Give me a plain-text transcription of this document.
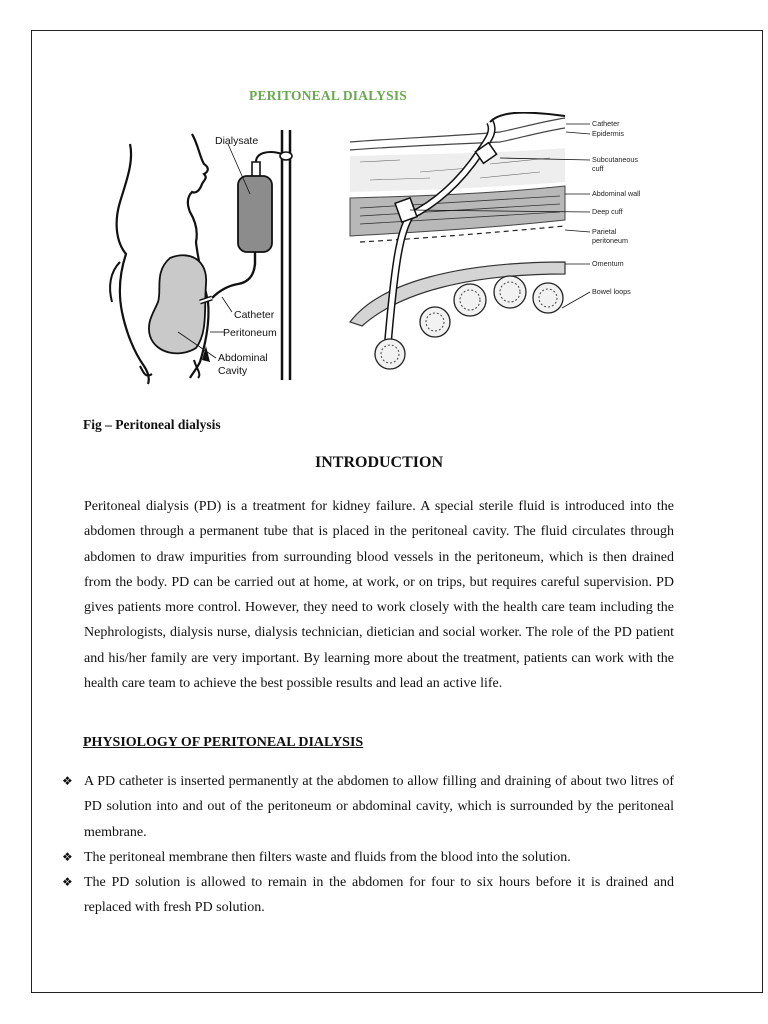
PERITONEAL DIALYSIS
Dialysate
Catheter
Peritoneum
Abdominal
Cavity
Catheter
Epidermis
Subcutaneous
cuff
Abdominal wall
Deep cuff
Parietal
peritoneum
Omentum
Bowel loops
Fig – Peritoneal dialysis
INTRODUCTION
Peritoneal dialysis (PD) is a treatment for kidney failure. A special sterile fluid is introduced into the abdomen through a permanent tube that is placed in the peritoneal cavity. The fluid circulates through abdomen to draw impurities from surrounding blood vessels in the peritoneum, which is then drained from the body. PD can be carried out at home, at work, or on trips, but requires careful supervision. PD gives patients more control. However, they need to work closely with the health care team including the Nephrologists, dialysis nurse, dialysis technician, dietician and social worker. The role of the PD patient and his/her family are very important. By learning more about the treatment, patients can work with the health care team to achieve the best possible results and lead an active life.
PHYSIOLOGY OF PERITONEAL DIALYSIS
❖ A PD catheter is inserted permanently at the abdomen to allow filling and draining of about two litres of PD solution into and out of the peritoneum or abdominal cavity, which is surrounded by the peritoneal membrane.
❖ The peritoneal membrane then filters waste and fluids from the blood into the solution.
❖ The PD solution is allowed to remain in the abdomen for four to six hours before it is drained and replaced with fresh PD solution.
